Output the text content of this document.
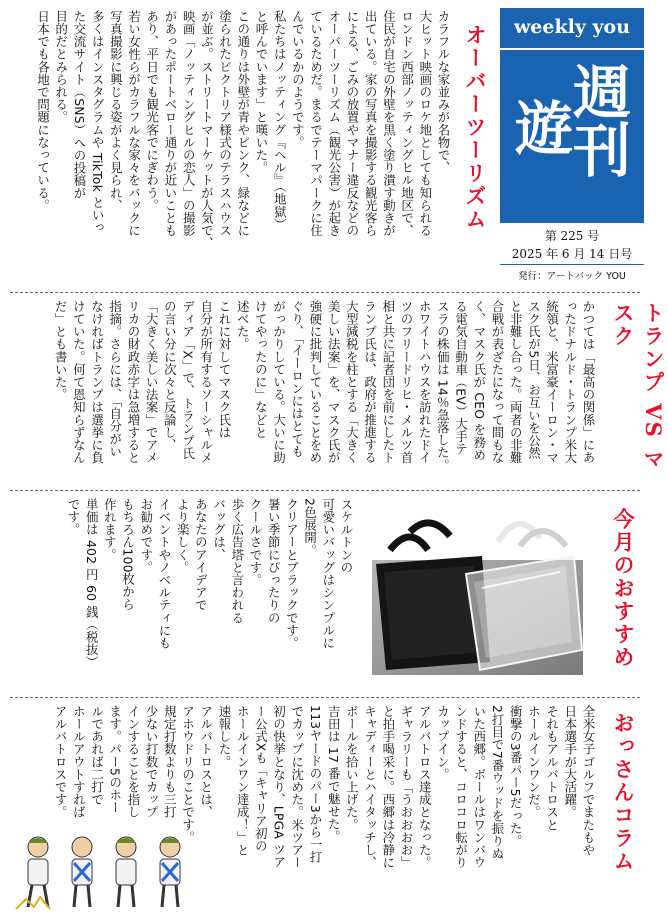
カラフルな家並みが名物で、
大ヒット映画のロケ地としても知られる
ロンドン西部ノッティングヒル地区で、
住民が自宅の外壁を黒く塗り潰す動きが
出ている。家の写真を撮影する観光客ら
による、ごみの放置やマナー違反などの
オーバーツーリズム（観光公害）が起き
ているためだ。まるでテーマパークに住
んでいるかのようです。
私たちはノッティング『ヘル』（地獄）
と呼んでいます」と嘆いた。
この通りは外壁が青やピンク、緑などに
塗られたビクトリア様式のテラスハウス
が並ぶ。ストリートマーケットが人気で、
映画「ノッティングヒルの恋人」の撮影
があったポートベロー通りが近いことも
あり、平日でも観光客でにぎわう。
若い女性らがカラフルな家々をバックに
写真撮影に興じる姿がよく見られ、
多くはインスタグラムや TikTok といっ
た交流サイト（SNS）への投稿が
目的だとみられる。
日本でも各地で問題になっている。	オーバーツーリズム	weekly you
週刊
遊
第 225 号
2025 年 6 月 14 日号
発行：アートバック YOU
かつては「最高の関係」にあ
ったドナルド・トランプ米大
統領と、米富豪イーロン・マ
スク氏が5日、お互いを公然
と非難し合った。両者の非難
合戦が表ざたになって間もな
く、マスク氏が CEO を務め
る電気自動車（EV）大手テ
スラの株価は 14％急落した。
ホワイトハウスを訪れたドイ
ツのフリードリヒ・メルツ首
相と共に記者団を前にしたト
ランプ氏は、政府が推進する
大型減税を柱とする「大きく
美しい法案」を、マスク氏が
強硬に批判していることをめ
ぐり、「イーロンにはとても
がっかりしている。大いに助
けてやったのに」などと
述べた。
これに対してマスク氏は
自分が所有するソーシャルメ
ディア「X」で、トランプ氏
の言い分に次々と反論し、
「大きく美しい法案」でアメ
リカの財政赤字は急増すると
指摘。さらには、「自分がい
なければトランプは選挙に負
けていた。何て恩知らずなん
だ」とも書いた。	トランプ VS マスク
スケルトンの
可愛いバッグはシンプルに
2色展開。
クリアーとブラックです。
暑い季節にぴったりの
クールさです。
歩く広告塔と言われる
バッグは、
あなたのアイデアで
より楽しく。
イベントやノベルティにも
お勧めです。
もちろん100枚から
作れます。
単価は 402 円 60 銭（税抜）
です。	今月のおすすめ
全米女子ゴルフでまたもや
日本選手が大活躍。
それもアルバトロスと
ホールインワンだ。
衝撃の3番パー5だった。
2打目で7番ウッドを振りぬ
いた西郷。ボールはワンバウ
ンドすると、コロコロ転がり
カップイン。
アルバトロス達成となった。
ギャラリーも「うおおおお」
と拍手喝采に。西郷は冷静に
キャディーとハイタッチし、
ボールを拾い上げた。
吉田は 17 番で魅せた。
113ヤードのパー3から一打
でカップに沈めた。米ツアー
初の快挙となり、LPGA ツア
ー公式Xも「キャリア初の
ホールインワン達成！」と
速報した。
アルバトロスとは、
アホウドリのことです。
規定打数よりも三打
少ない打数でカップ
インすることを指し
ます。パー5のホー
ルであれば二打で
ホールアウトすれば
アルバトロスです。	おっさんコラム
